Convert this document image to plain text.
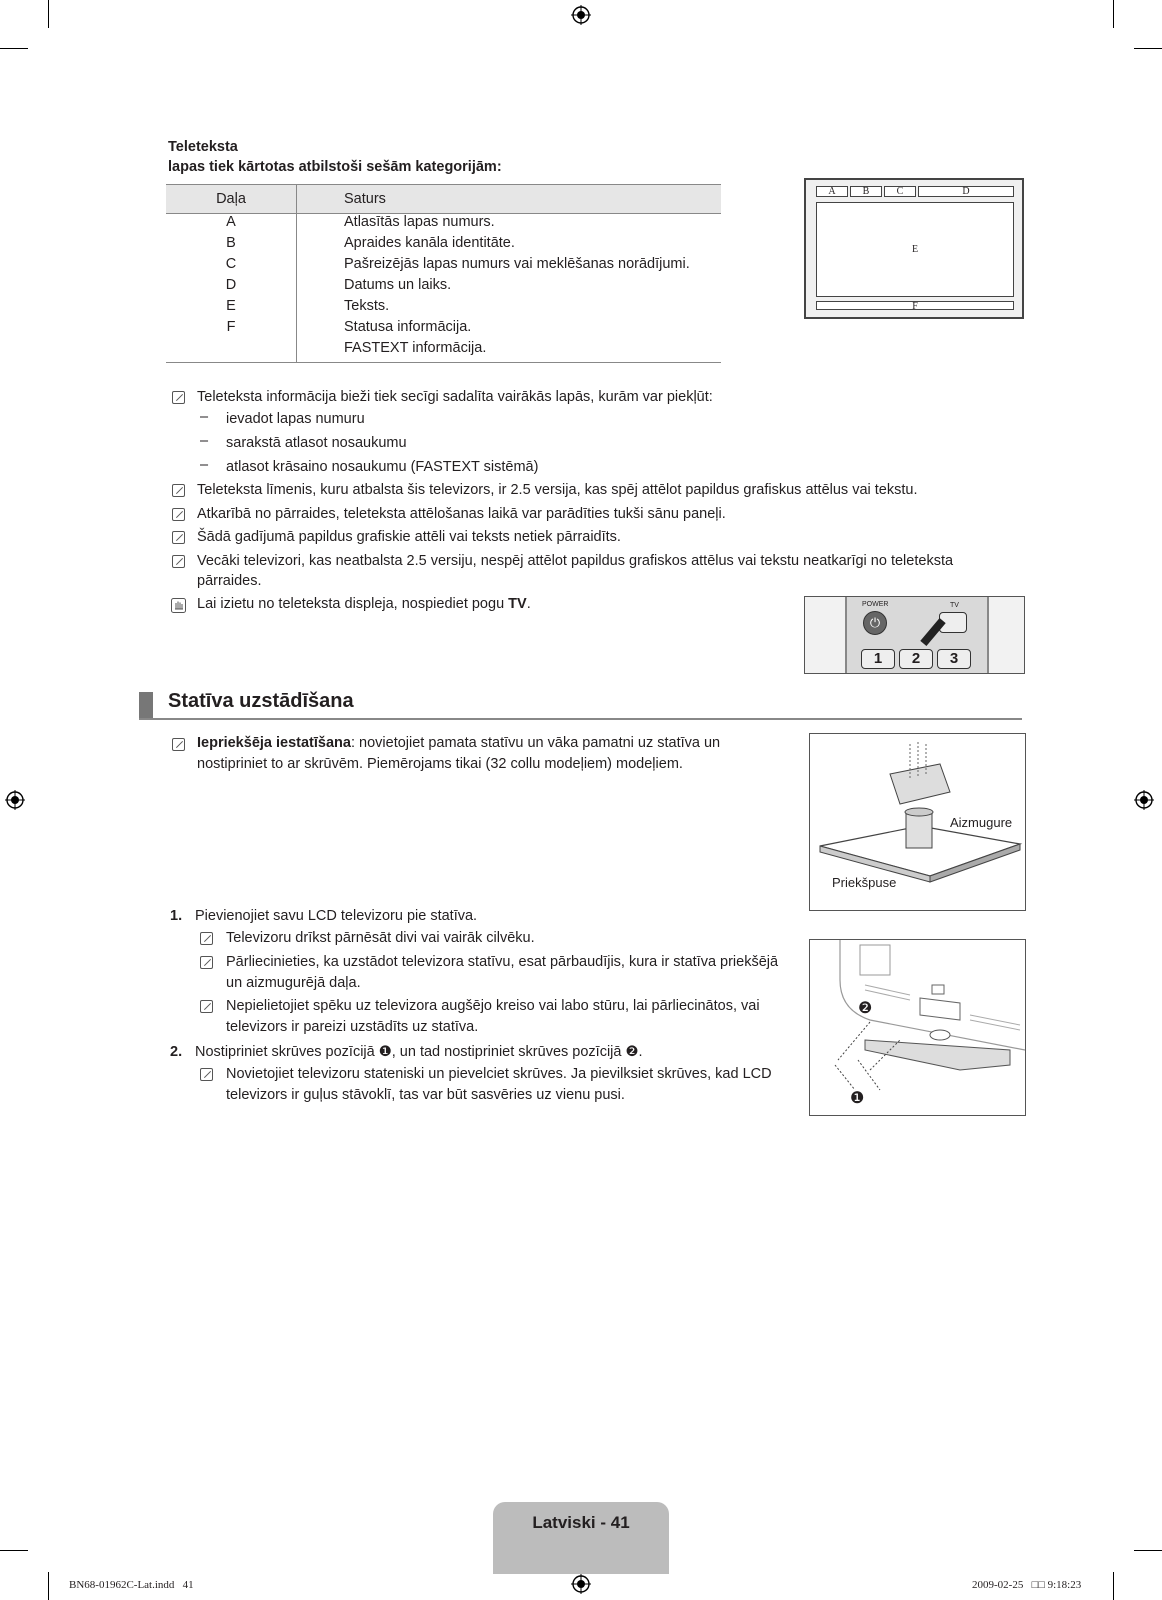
Teleteksta
lapas tiek kārtotas atbilstoši sešām kategorijām:
Daļa	Saturs
A	Atlasītās lapas numurs.
B	Apraides kanāla identitāte.
C	Pašreizējās lapas numurs vai meklēšanas norādījumi.
D	Datums un laiks.
E	Teksts.
F	Statusa informācija.
	FASTEXT informācija.
A	B	C	D
E
F
Teleteksta informācija bieži tiek secīgi sadalīta vairākās lapās, kurām var piekļūt:
– ievadot lapas numuru
– sarakstā atlasot nosaukumu
– atlasot krāsaino nosaukumu (FASTEXT sistēmā)
Teleteksta līmenis, kuru atbalsta šis televizors, ir 2.5 versija, kas spēj attēlot papildus grafiskus attēlus vai tekstu.
Atkarībā no pārraides, teleteksta attēlošanas laikā var parādīties tukši sānu paneļi.
Šādā gadījumā papildus grafiskie attēli vai teksts netiek pārraidīts.
Vecāki televizori, kas neatbalsta 2.5 versiju, nespēj attēlot papildus grafiskos attēlus vai tekstu neatkarīgi no teleteksta
pārraides.
Lai izietu no teleteksta displeja, nospiediet pogu TV.	POWER
⏻
TV
1	2	3
Statīva uzstādīšana
Iepriekšēja iestatīšana: novietojiet pamata statīvu un vāka pamatni uz statīva un
nostipriniet to ar skrūvēm. Piemērojams tikai (32 collu modeļiem) modeļiem.
Aizmugure
Priekšpuse
1. Pievienojiet savu LCD televizoru pie statīva.
Televizoru drīkst pārnēsāt divi vai vairāk cilvēku.
Pārliecinieties, ka uzstādot televizora statīvu, esat pārbaudījis, kura ir statīva priekšējā
un aizmugurējā daļa.
Nepielietojiet spēku uz televizora augšējo kreiso vai labo stūru, lai pārliecinātos, vai
televizors ir pareizi uzstādīts uz statīva.
2. Nostipriniet skrūves pozīcijā ❶, un tad nostipriniet skrūves pozīcijā ❷.
Novietojiet televizoru stateniski un pievelciet skrūves. Ja pievilksiet skrūves, kad LCD
televizors ir guļus stāvoklī, tas var būt sasvēries uz vienu pusi.
❷
❶
Latviski - 41
BN68-01962C-Lat.indd   41	2009-02-25   □□ 9:18:23
